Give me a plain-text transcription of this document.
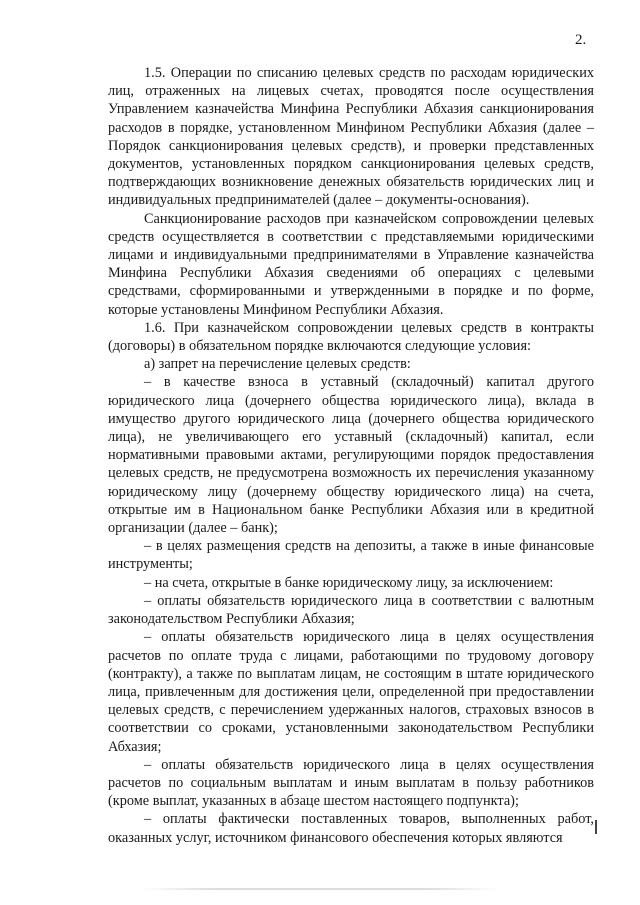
2.

1.5. Операции по списанию целевых средств по расходам юридических лиц, отраженных на лицевых счетах, проводятся после осуществления Управлением казначейства Минфина Республики Абхазия санкционирования расходов в порядке, установленном Минфином Республики Абхазия (далее – Порядок санкционирования целевых средств), и проверки представленных документов, установленных порядком санкционирования целевых средств, подтверждающих возникновение денежных обязательств юридических лиц и индивидуальных предпринимателей (далее – документы-основания).

Санкционирование расходов при казначейском сопровождении целевых средств осуществляется в соответствии с представляемыми юридическими лицами и индивидуальными предпринимателями в Управление казначейства Минфина Республики Абхазия сведениями об операциях с целевыми средствами, сформированными и утвержденными в порядке и по форме, которые установлены Минфином Республики Абхазия.

1.6. При казначейском сопровождении целевых средств в контракты (договоры) в обязательном порядке включаются следующие условия:

а) запрет на перечисление целевых средств:

– в качестве взноса в уставный (складочный) капитал другого юридического лица (дочернего общества юридического лица), вклада в имущество другого юридического лица (дочернего общества юридического лица), не увеличивающего его уставный (складочный) капитал, если нормативными правовыми актами, регулирующими порядок предоставления целевых средств, не предусмотрена возможность их перечисления указанному юридическому лицу (дочернему обществу юридического лица) на счета, открытые им в Национальном банке Республики Абхазия или в кредитной организации (далее – банк);

– в целях размещения средств на депозиты, а также в иные финансовые инструменты;

– на счета, открытые в банке юридическому лицу, за исключением:

– оплаты обязательств юридического лица в соответствии с валютным законодательством Республики Абхазия;

– оплаты обязательств юридического лица в целях осуществления расчетов по оплате труда с лицами, работающими по трудовому договору (контракту), а также по выплатам лицам, не состоящим в штате юридического лица, привлеченным для достижения цели, определенной при предоставлении целевых средств, с перечислением удержанных налогов, страховых взносов в соответствии со сроками, установленными законодательством Республики Абхазия;

– оплаты обязательств юридического лица в целях осуществления расчетов по социальным выплатам и иным выплатам в пользу работников (кроме выплат, указанных в абзаце шестом настоящего подпункта);

– оплаты фактически поставленных товаров, выполненных работ, оказанных услуг, источником финансового обеспечения которых являются
